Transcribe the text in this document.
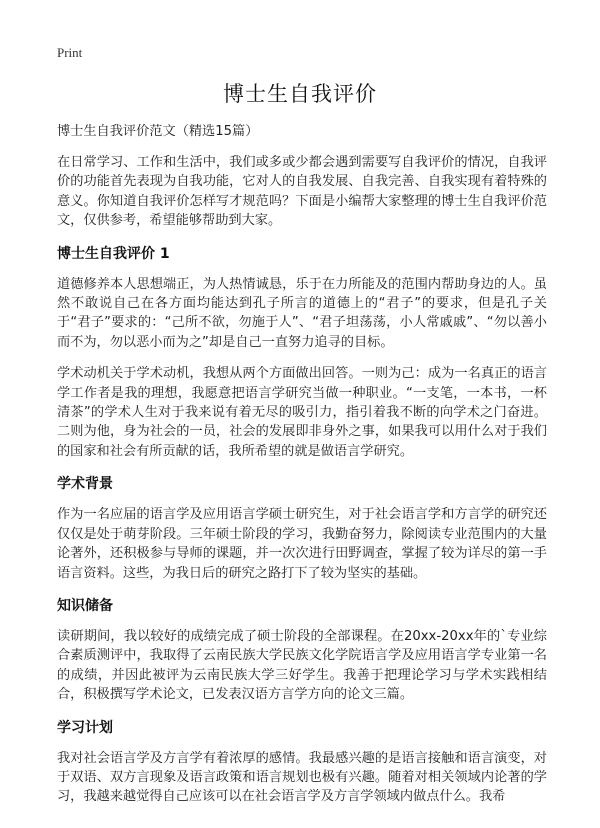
Print
博士生自我评价
博士生自我评价范文（精选15篇）

在日常学习、工作和生活中，我们或多或少都会遇到需要写自我评价的情况，自我评价的功能首先表现为自我功能，它对人的自我发展、自我完善、自我实现有着特殊的意义。你知道自我评价怎样写才规范吗？下面是小编帮大家整理的博士生自我评价范文，仅供参考，希望能够帮助到大家。

博士生自我评价 1

道德修养本人思想端正，为人热情诚恳，乐于在力所能及的范围内帮助身边的人。虽然不敢说自己在各方面均能达到孔子所言的道德上的“君子”的要求，但是孔子关于“君子”要求的：“己所不欲，勿施于人”、“君子坦荡荡，小人常戚戚”、“勿以善小而不为，勿以恶小而为之”却是自己一直努力追寻的目标。

学术动机关于学术动机，我想从两个方面做出回答。一则为己：成为一名真正的语言学工作者是我的理想，我愿意把语言学研究当做一种职业。“一支笔，一本书，一杯清茶”的学术人生对于我来说有着无尽的吸引力，指引着我不断的向学术之门奋进。二则为他，身为社会的一员，社会的发展即非身外之事，如果我可以用什么对于我们的国家和社会有所贡献的话，我所希望的就是做语言学研究。

学术背景

作为一名应届的语言学及应用语言学硕士研究生，对于社会语言学和方言学的研究还仅仅是处于萌芽阶段。三年硕士阶段的学习，我勤奋努力，除阅读专业范围内的大量论著外，还积极参与导师的课题，并一次次进行田野调查，掌握了较为详尽的第一手语言资料。这些，为我日后的研究之路打下了较为坚实的基础。

知识储备

读研期间，我以较好的成绩完成了硕士阶段的全部课程。在20xx-20xx年的`专业综合素质测评中，我取得了云南民族大学民族文化学院语言学及应用语言学专业第一名的成绩，并因此被评为云南民族大学三好学生。我善于把理论学习与学术实践相结合，积极撰写学术论文，已发表汉语方言学方向的论文三篇。

学习计划

我对社会语言学及方言学有着浓厚的感情。我最感兴趣的是语言接触和语言演变，对于双语、双方言现象及语言政策和语言规划也极有兴趣。随着对相关领域内论著的学习，我越来越觉得自己应该可以在社会语言学及方言学领域内做点什么。我希
